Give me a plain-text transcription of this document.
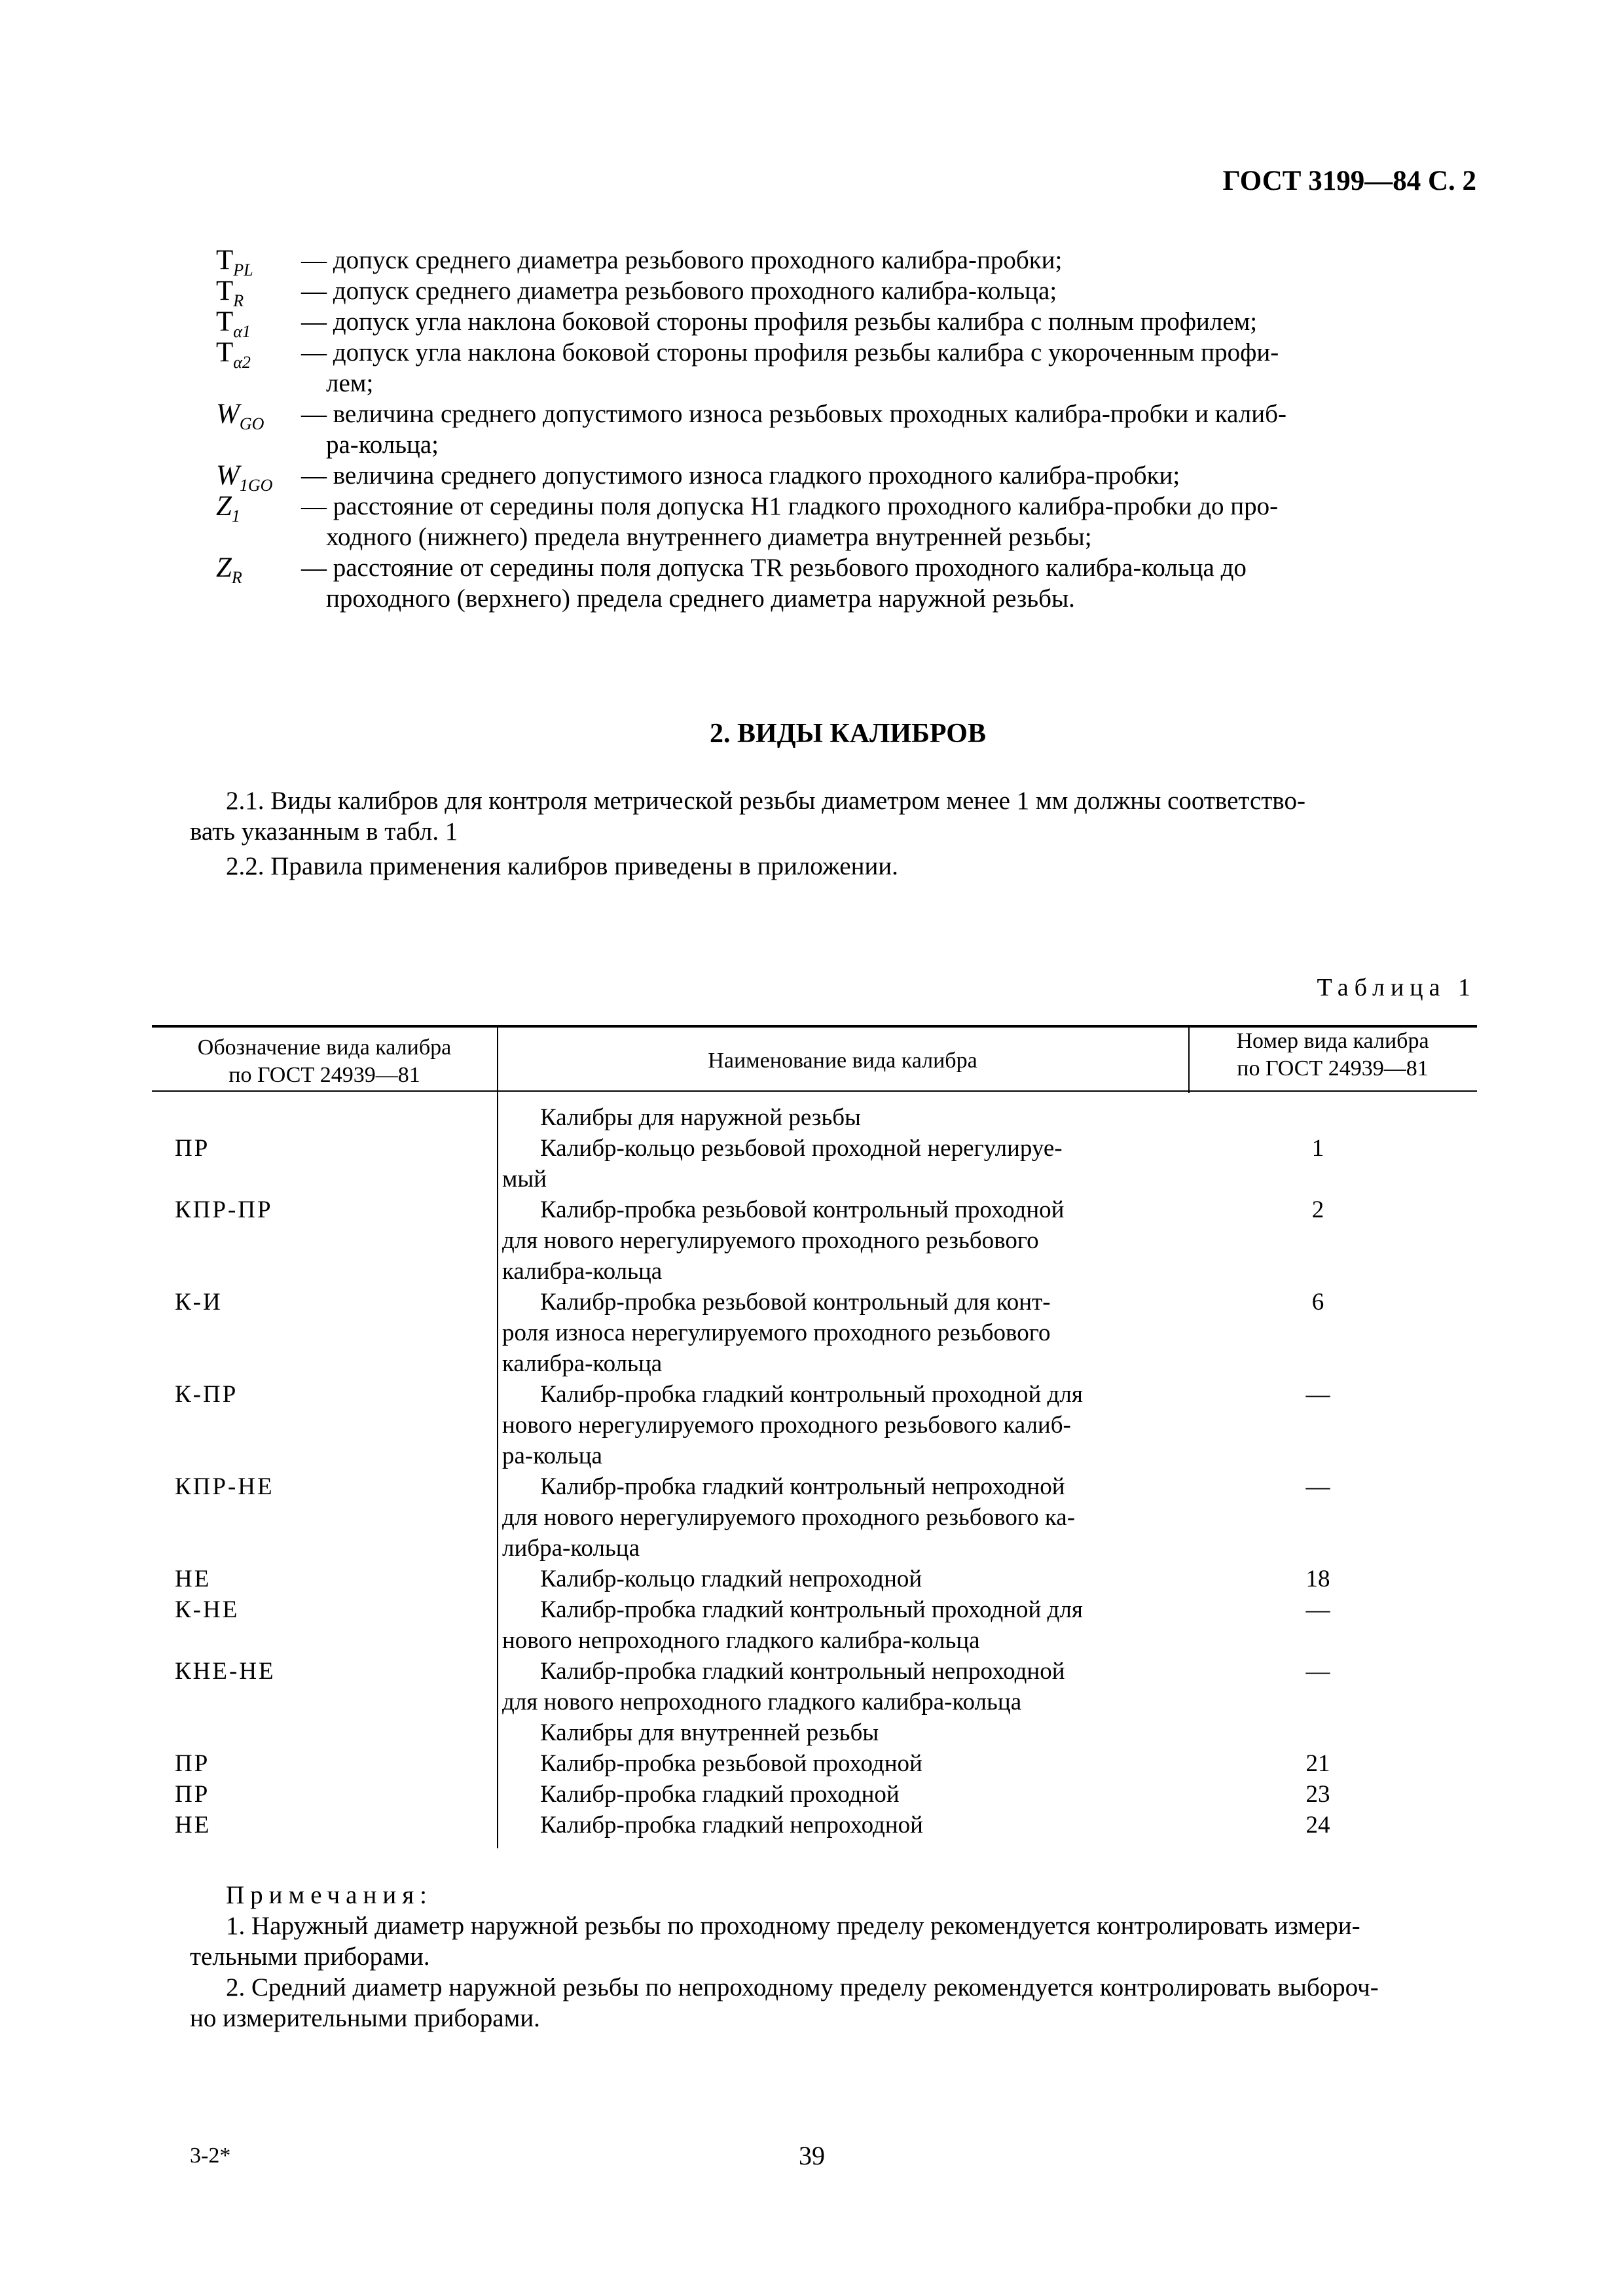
ГОСТ 3199—84 С. 2
$T_{PL}$	— допуск среднего диаметра резьбового проходного калибра-пробки;
$T_R$	— допуск среднего диаметра резьбового проходного калибра-кольца;
$T_{\alpha 1}$	— допуск угла наклона боковой стороны профиля резьбы калибра с полным профилем;
$T_{\alpha 2}$	— допуск угла наклона боковой стороны профиля резьбы калибра с укороченным профи-
лем;
$W_{GO}$	— величина среднего допустимого износа резьбовых проходных калибра-пробки и калиб-
ра-кольца;
$W_{1GO}$	— величина среднего допустимого износа гладкого проходного калибра-пробки;
$Z_1$	— расстояние от середины поля допуска H1 гладкого проходного калибра-пробки до про-
ходного (нижнего) предела внутреннего диаметра внутренней резьбы;
$Z_R$	— расстояние от середины поля допуска TR резьбового проходного калибра-кольца до
проходного (верхнего) предела среднего диаметра наружной резьбы.
2. ВИДЫ КАЛИБРОВ
2.1. Виды калибров для контроля метрической резьбы диаметром менее 1 мм должны соответство-
вать указанным в табл. 1
2.2. Правила применения калибров приведены в приложении.
Таблица 1
Обозначение вида калибра
по ГОСТ 24939—81
Наименование вида калибра
Номер вида калибра
по ГОСТ 24939—81
Калибры для наружной резьбы
ПР	Калибр-кольцо резьбовой проходной нерегулируе-
мый
1
КПР-ПР	Калибр-пробка резьбовой контрольный проходной
для нового нерегулируемого проходного резьбового
калибра-кольца
2
К-И	Калибр-пробка резьбовой контрольный для конт-
роля износа нерегулируемого проходного резьбового
калибра-кольца
6
К-ПР	Калибр-пробка гладкий контрольный проходной для
нового нерегулируемого проходного резьбового калиб-
ра-кольца
—
КПР-НЕ	Калибр-пробка гладкий контрольный непроходной
для нового нерегулируемого проходного резьбового ка-
либра-кольца
—
НЕ	Калибр-кольцо гладкий непроходной	18
К-НЕ	Калибр-пробка гладкий контрольный проходной для
нового непроходного гладкого калибра-кольца
—
КНЕ-НЕ	Калибр-пробка гладкий контрольный непроходной
для нового непроходного гладкого калибра-кольца
—
Калибры для внутренней резьбы
ПР	Калибр-пробка резьбовой проходной	21
ПР	Калибр-пробка гладкий проходной	23
НЕ	Калибр-пробка гладкий непроходной	24
Примечания:
1. Наружный диаметр наружной резьбы по проходному пределу рекомендуется контролировать измери-
тельными приборами.
2. Средний диаметр наружной резьбы по непроходному пределу рекомендуется контролировать выбороч-
но измерительными приборами.
3-2*	39
